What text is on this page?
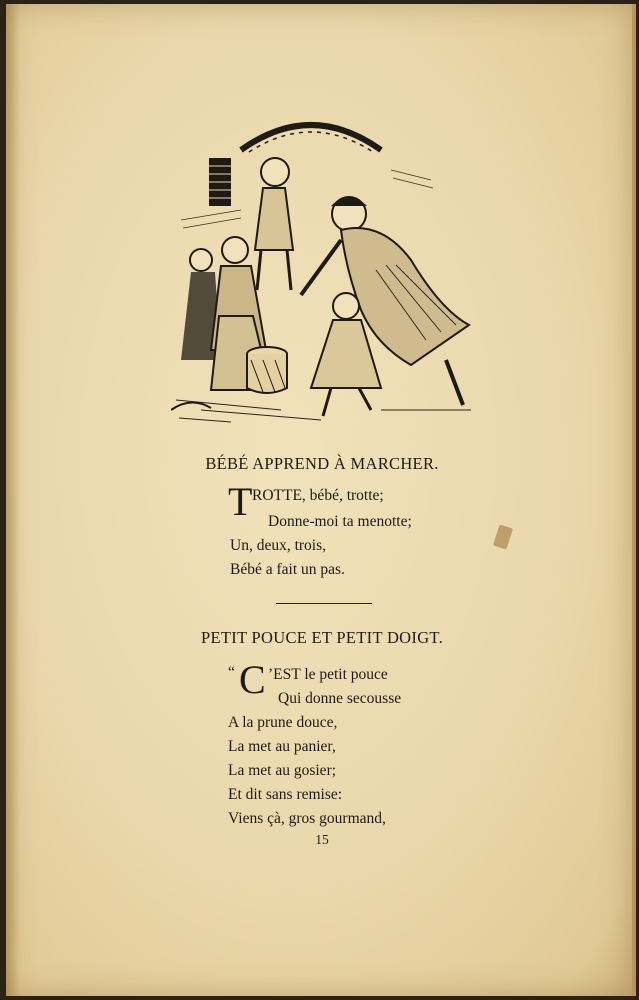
BÉBÉ APPREND À MARCHER.
T ROTTE, bébé, trotte;
Donne-moi ta menotte;
Un, deux, trois,
Bébé a fait un pas.
PETIT POUCE ET PETIT DOIGT.
“ C ’EST le petit pouce
Qui donne secousse
A la prune douce,
La met au panier,
La met au gosier;
Et dit sans remise:
Viens çà, gros gourmand,
15
